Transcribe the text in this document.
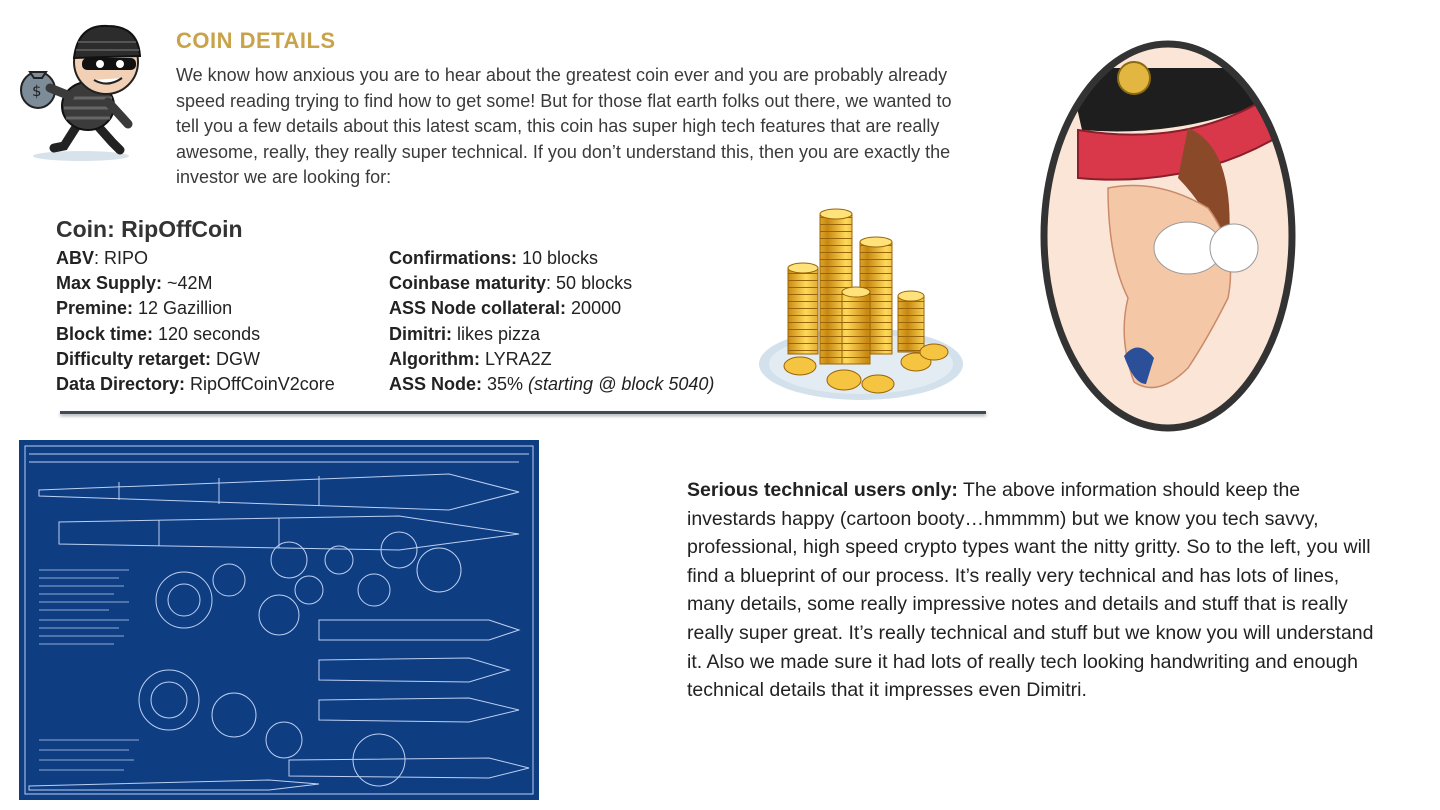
$
COIN DETAILS
We know how anxious you are to hear about the greatest coin ever and you are probably already speed reading trying to find how to get some! But for those flat earth folks out there, we wanted to tell you a few details about this latest scam, this coin has super high tech features that are really awesome, really, they really super technical. If you don’t understand this, then you are exactly the investor we are looking for:
Coin: RipOffCoin
ABV: RIPO
Max Supply: ~42M
Premine: 12 Gazillion
Block time: 120 seconds
Difficulty retarget: DGW
Data Directory: RipOffCoinV2core
Confirmations: 10 blocks
Coinbase maturity: 50 blocks
ASS Node collateral: 20000
Dimitri: likes pizza
Algorithm: LYRA2Z
ASS Node: 35% (starting @ block 5040)
Serious technical users only: The above information should keep the investards happy (cartoon booty…hmmmm) but we know you tech savvy, professional, high speed crypto types want the nitty gritty. So to the left, you will find a blueprint of our process. It’s really very technical and has lots of lines, many details, some really impressive notes and details and stuff that is really really super great. It’s really technical and stuff but we know you will understand it. Also we made sure it had lots of really tech looking handwriting and enough technical details that it impresses even Dimitri.
